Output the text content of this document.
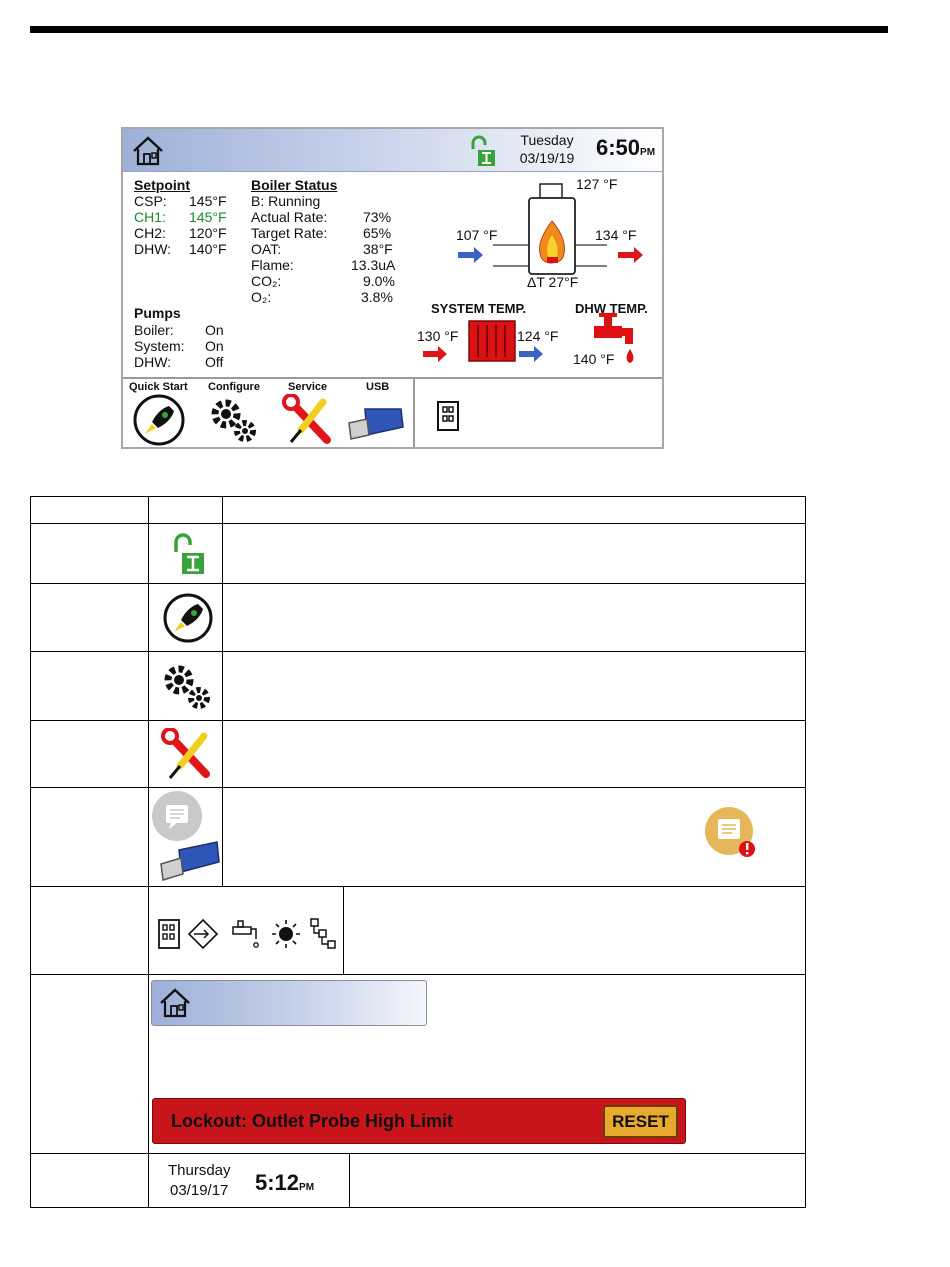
Tuesday
03/19/19 6:50PM
Setpoint
CSP: 145°F
CH1: 145°F
CH2: 120°F
DHW: 140°F
Boiler Status
B: Running
Actual Rate:	73%
Target Rate:	65%
OAT:	38°F
Flame:	13.3uA
CO₂:	9.0%
O₂:	3.8%
Pumps
Boiler: On
System: On
DHW: Off
127 °F
107 °F	134 °F
ΔT 27°F
SYSTEM TEMP.	DHW TEMP.
130 °F	124 °F
140 °F
Quick Start Configure	Service	USB
Lockout: Outlet Probe High Limit	RESET
Thursday
03/19/17 5:12PM
